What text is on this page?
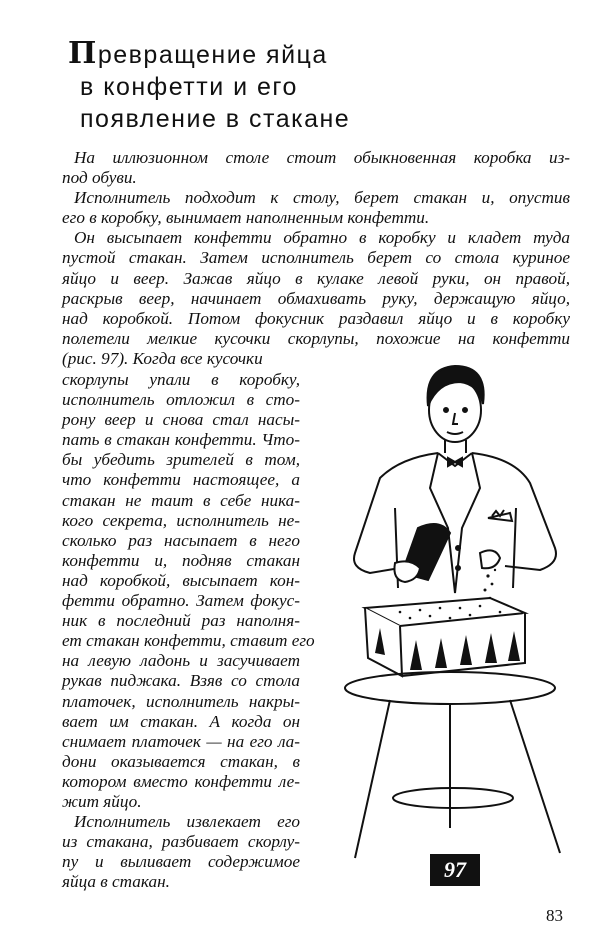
Превращение яйца
в конфетти и его
появление в стакане
На иллюзионном столе стоит обыкновенная коробка из-
под обуви.
Исполнитель подходит к столу, берет стакан и, опустив
его в коробку, вынимает наполненным конфетти.
Он высыпает конфетти обратно в коробку и кладет туда
пустой стакан. Затем исполнитель берет со стола куриное
яйцо и веер. Зажав яйцо в кулаке левой руки, он правой,
раскрыв веер, начинает обмахивать руку, держащую яйцо,
над коробкой. Потом фокусник раздавил яйцо и в коробку
полетели мелкие кусочки скорлупы, похожие на конфетти
(рис. 97). Когда все кусочки
скорлупы упали в коробку,
исполнитель отложил в сто-
рону веер и снова стал насы-
пать в стакан конфетти. Что-
бы убедить зрителей в том,
что конфетти настоящее, а
стакан не таит в себе ника-
кого секрета, исполнитель не-
сколько раз насыпает в него
конфетти и, подняв стакан
над коробкой, высыпает кон-
фетти обратно. Затем фокус-
ник в последний раз наполня-
ет стакан конфетти, ставит его
на левую ладонь и засучивает
рукав пиджака. Взяв со стола
платочек, исполнитель накры-
вает им стакан. А когда он
снимает платочек — на его ла-
дони оказывается стакан, в
котором вместо конфетти ле-
жит яйцо.
Исполнитель извлекает его
из стакана, разбивает скорлу-
пу и выливает содержимое
яйца в стакан.	97
83
